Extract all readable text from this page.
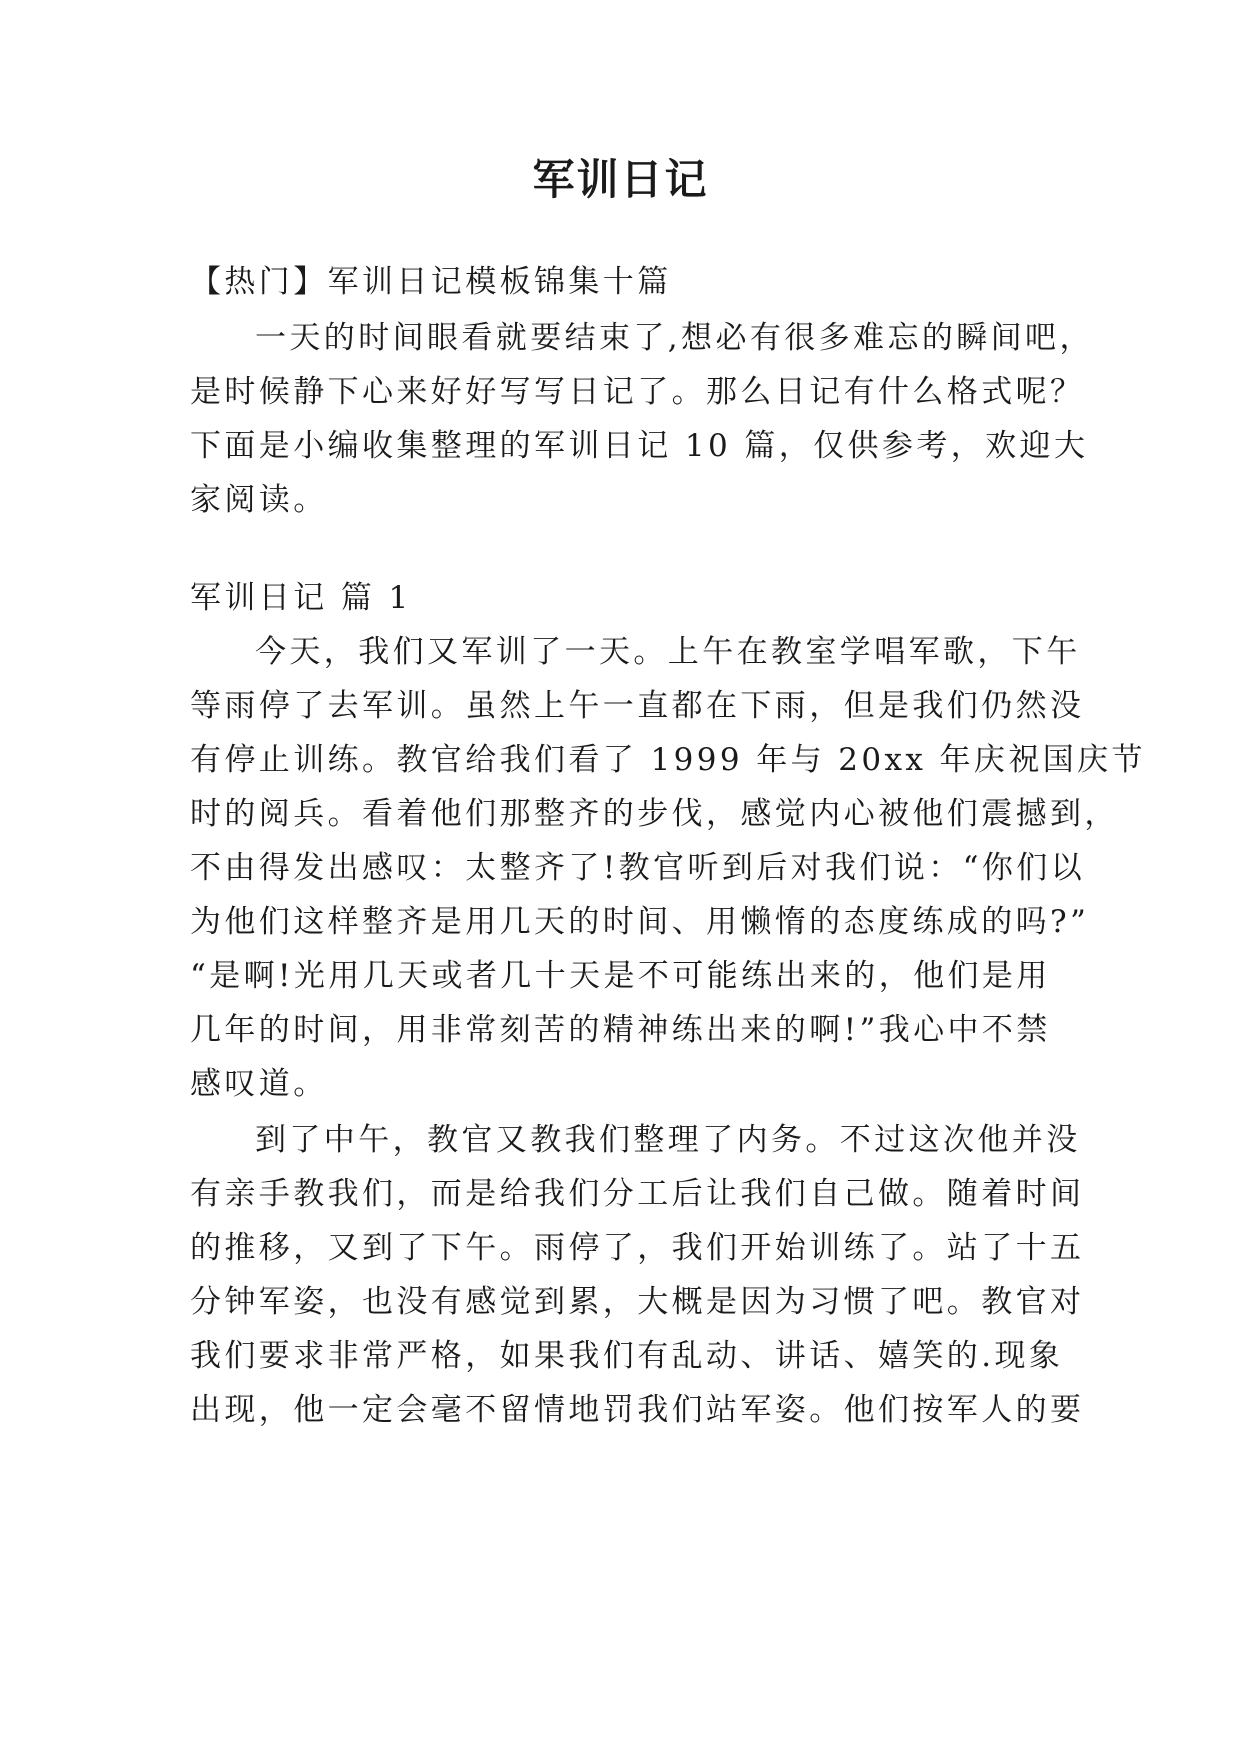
军训日记
【热门】军训日记模板锦集十篇
一天的时间眼看就要结束了,想必有很多难忘的瞬间吧，
是时候静下心来好好写写日记了。那么日记有什么格式呢？
下面是小编收集整理的军训日记 10 篇，仅供参考，欢迎大
家阅读。
军训日记 篇 1
今天，我们又军训了一天。上午在教室学唱军歌，下午
等雨停了去军训。虽然上午一直都在下雨，但是我们仍然没
有停止训练。教官给我们看了 1999 年与 20xx 年庆祝国庆节
时的阅兵。看着他们那整齐的步伐，感觉内心被他们震撼到，
不由得发出感叹：太整齐了!教官听到后对我们说：“你们以
为他们这样整齐是用几天的时间、用懒惰的态度练成的吗?”
“是啊!光用几天或者几十天是不可能练出来的，他们是用
几年的时间，用非常刻苦的精神练出来的啊!”我心中不禁
感叹道。
到了中午，教官又教我们整理了内务。不过这次他并没
有亲手教我们，而是给我们分工后让我们自己做。随着时间
的推移，又到了下午。雨停了，我们开始训练了。站了十五
分钟军姿，也没有感觉到累，大概是因为习惯了吧。教官对
我们要求非常严格，如果我们有乱动、讲话、嬉笑的.现象
出现，他一定会毫不留情地罚我们站军姿。他们按军人的要
